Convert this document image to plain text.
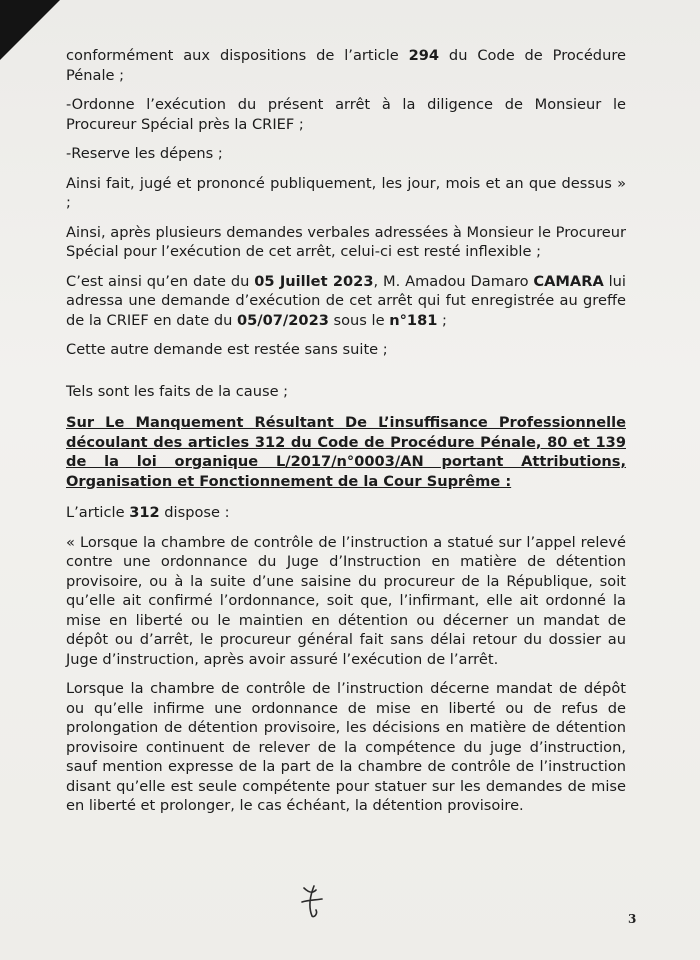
conformément aux dispositions de l’article 294 du Code de Procédure Pénale ;

-Ordonne l’exécution du présent arrêt à la diligence de Monsieur le Procureur Spécial près la CRIEF ;

-Reserve les dépens ;

Ainsi fait, jugé et prononcé publiquement, les jour, mois et an que dessus » ;

Ainsi, après plusieurs demandes verbales adressées à Monsieur le Procureur Spécial pour l’exécution de cet arrêt, celui-ci est resté inflexible ;

C’est ainsi qu’en date du 05 Juillet 2023, M. Amadou Damaro CAMARA lui adressa une demande d’exécution de cet arrêt qui fut enregistrée au greffe de la CRIEF en date du 05/07/2023 sous le n°181 ;

Cette autre demande est restée sans suite ;

Tels sont les faits de la cause ;

Sur Le Manquement Résultant De L’insuffisance Professionnelle découlant des articles 312 du Code de Procédure Pénale, 80 et 139 de la loi organique L/2017/n°0003/AN portant Attributions, Organisation et Fonctionnement de la Cour Suprême :

L’article 312 dispose :

« Lorsque la chambre de contrôle de l’instruction a statué sur l’appel relevé contre une ordonnance du Juge d’Instruction en matière de détention provisoire, ou à la suite d’une saisine du procureur de la République, soit qu’elle ait confirmé l’ordonnance, soit que, l’infirmant, elle ait ordonné la mise en liberté ou le maintien en détention ou décerner un mandat de dépôt ou d’arrêt, le procureur général fait sans délai retour du dossier au Juge d’instruction, après avoir assuré l’exécution de l’arrêt.

Lorsque la chambre de contrôle de l’instruction décerne mandat de dépôt ou qu’elle infirme une ordonnance de mise en liberté ou de refus de prolongation de détention provisoire, les décisions en matière de détention provisoire continuent de relever de la compétence du juge d’instruction, sauf mention expresse de la part de la chambre de contrôle de l’instruction disant qu’elle est seule compétente pour statuer sur les demandes de mise en liberté et prolonger, le cas échéant, la détention provisoire.

3
